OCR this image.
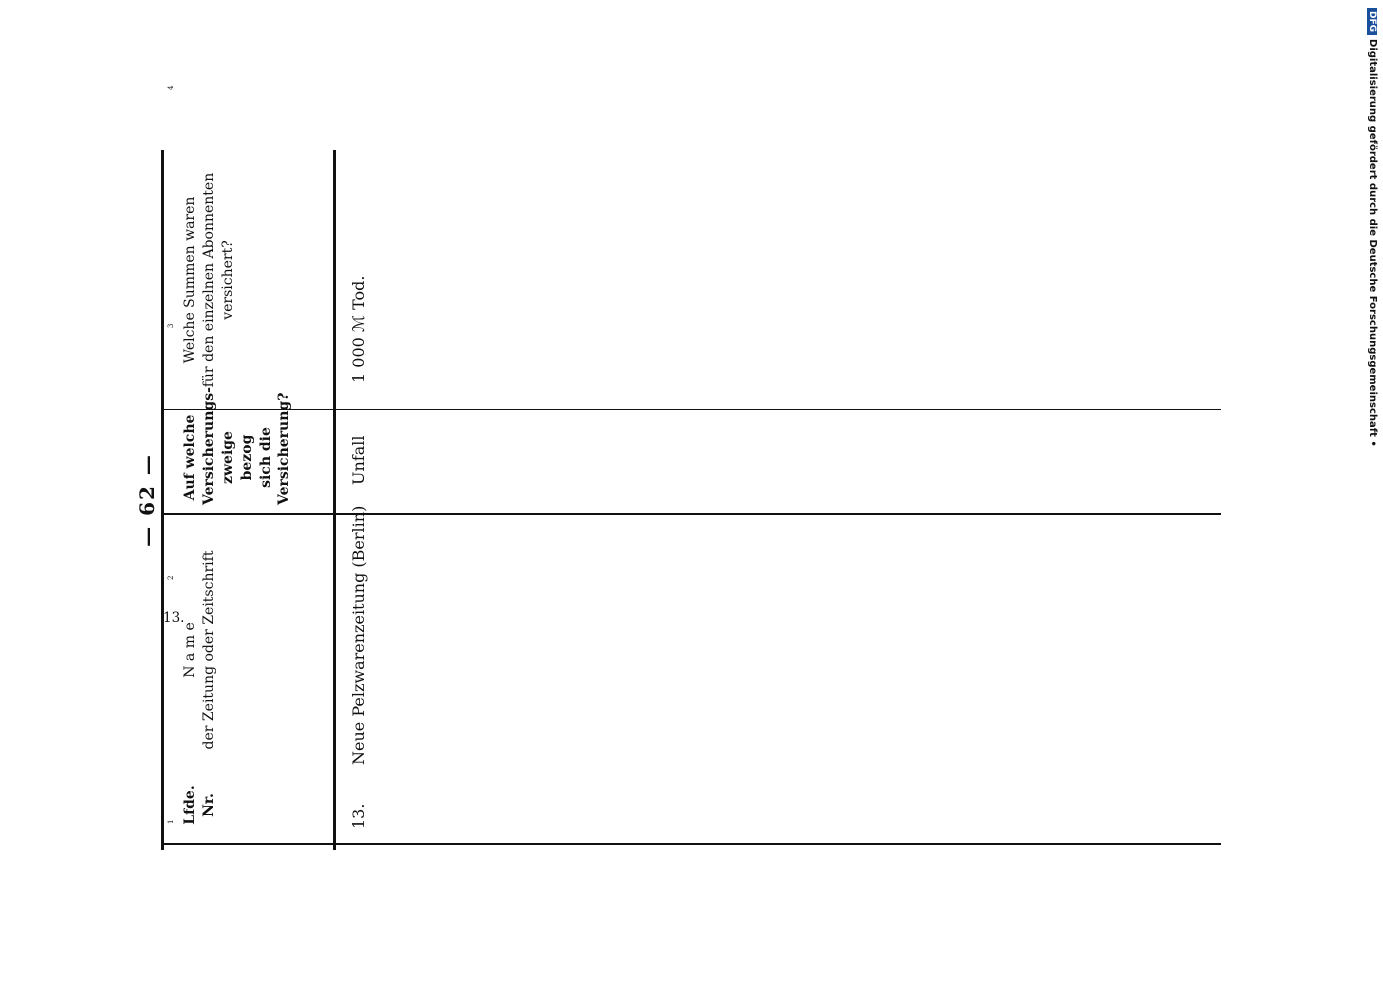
DFGDigitalisierung gefördert durch die Deutsche Forschungsgemeinschaft •
— 62 —
1
2
3
4
Lfde.
Nr.
N a m e
der Zeitung oder Zeitschrift
Auf welche
Versicherungs-
zweige bezog
sich die
Versicherung?
Welche Summen waren
für den einzelnen Abonnenten
versichert?
13.
13.
Neue Pelzwarenzeitung (Berlin)
Unfall
1 000 ℳ Tod.
